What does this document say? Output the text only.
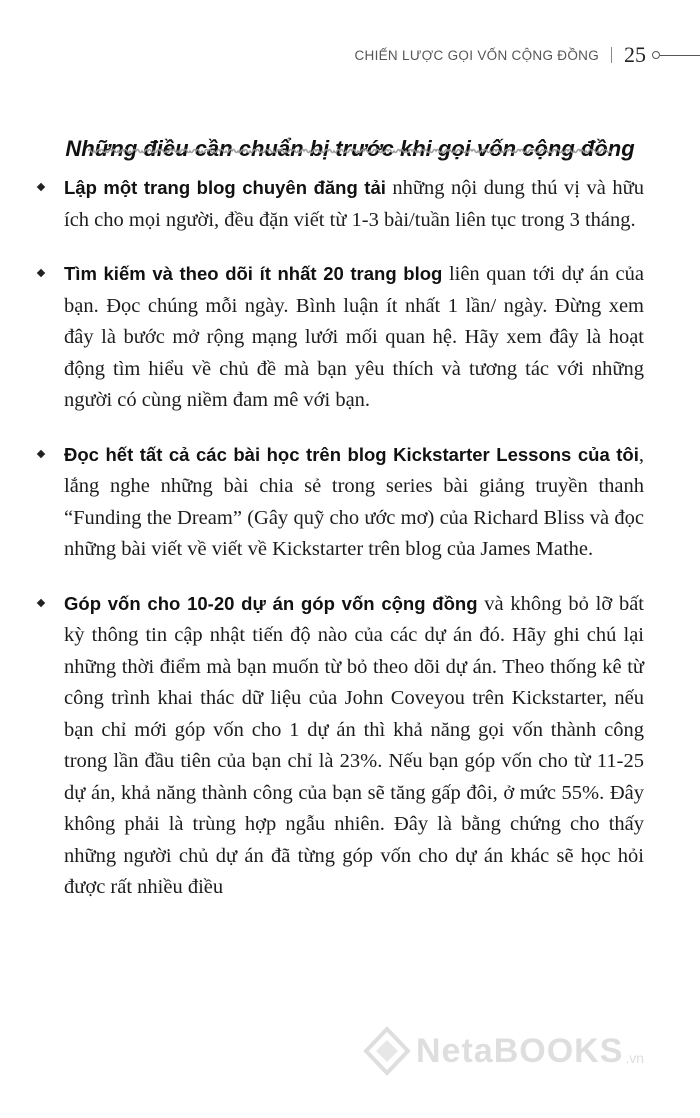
CHIẾN LƯỢC GỌI VỐN CỘNG ĐỒNG 25
Những điều cần chuẩn bị trước khi gọi vốn cộng đồng
Lập một trang blog chuyên đăng tải những nội dung thú vị và hữu ích cho mọi người, đều đặn viết từ 1-3 bài/tuần liên tục trong 3 tháng.
Tìm kiếm và theo dõi ít nhất 20 trang blog liên quan tới dự án của bạn. Đọc chúng mỗi ngày. Bình luận ít nhất 1 lần/ ngày. Đừng xem đây là bước mở rộng mạng lưới mối quan hệ. Hãy xem đây là hoạt động tìm hiểu về chủ đề mà bạn yêu thích và tương tác với những người có cùng niềm đam mê với bạn.
Đọc hết tất cả các bài học trên blog Kickstarter Lessons của tôi, lắng nghe những bài chia sẻ trong series bài giảng truyền thanh “Funding the Dream” (Gây quỹ cho ước mơ) của Richard Bliss và đọc những bài viết về viết về Kickstarter trên blog của James Mathe.
Góp vốn cho 10-20 dự án góp vốn cộng đồng và không bỏ lỡ bất kỳ thông tin cập nhật tiến độ nào của các dự án đó. Hãy ghi chú lại những thời điểm mà bạn muốn từ bỏ theo dõi dự án. Theo thống kê từ công trình khai thác dữ liệu của John Coveyou trên Kickstarter, nếu bạn chỉ mới góp vốn cho 1 dự án thì khả năng gọi vốn thành công trong lần đầu tiên của bạn chỉ là 23%. Nếu bạn góp vốn cho từ 11-25 dự án, khả năng thành công của bạn sẽ tăng gấp đôi, ở mức 55%. Đây không phải là trùng hợp ngẫu nhiên. Đây là bằng chứng cho thấy những người chủ dự án đã từng góp vốn cho dự án khác sẽ học hỏi được rất nhiều điều
NetaBOOKS .vn
